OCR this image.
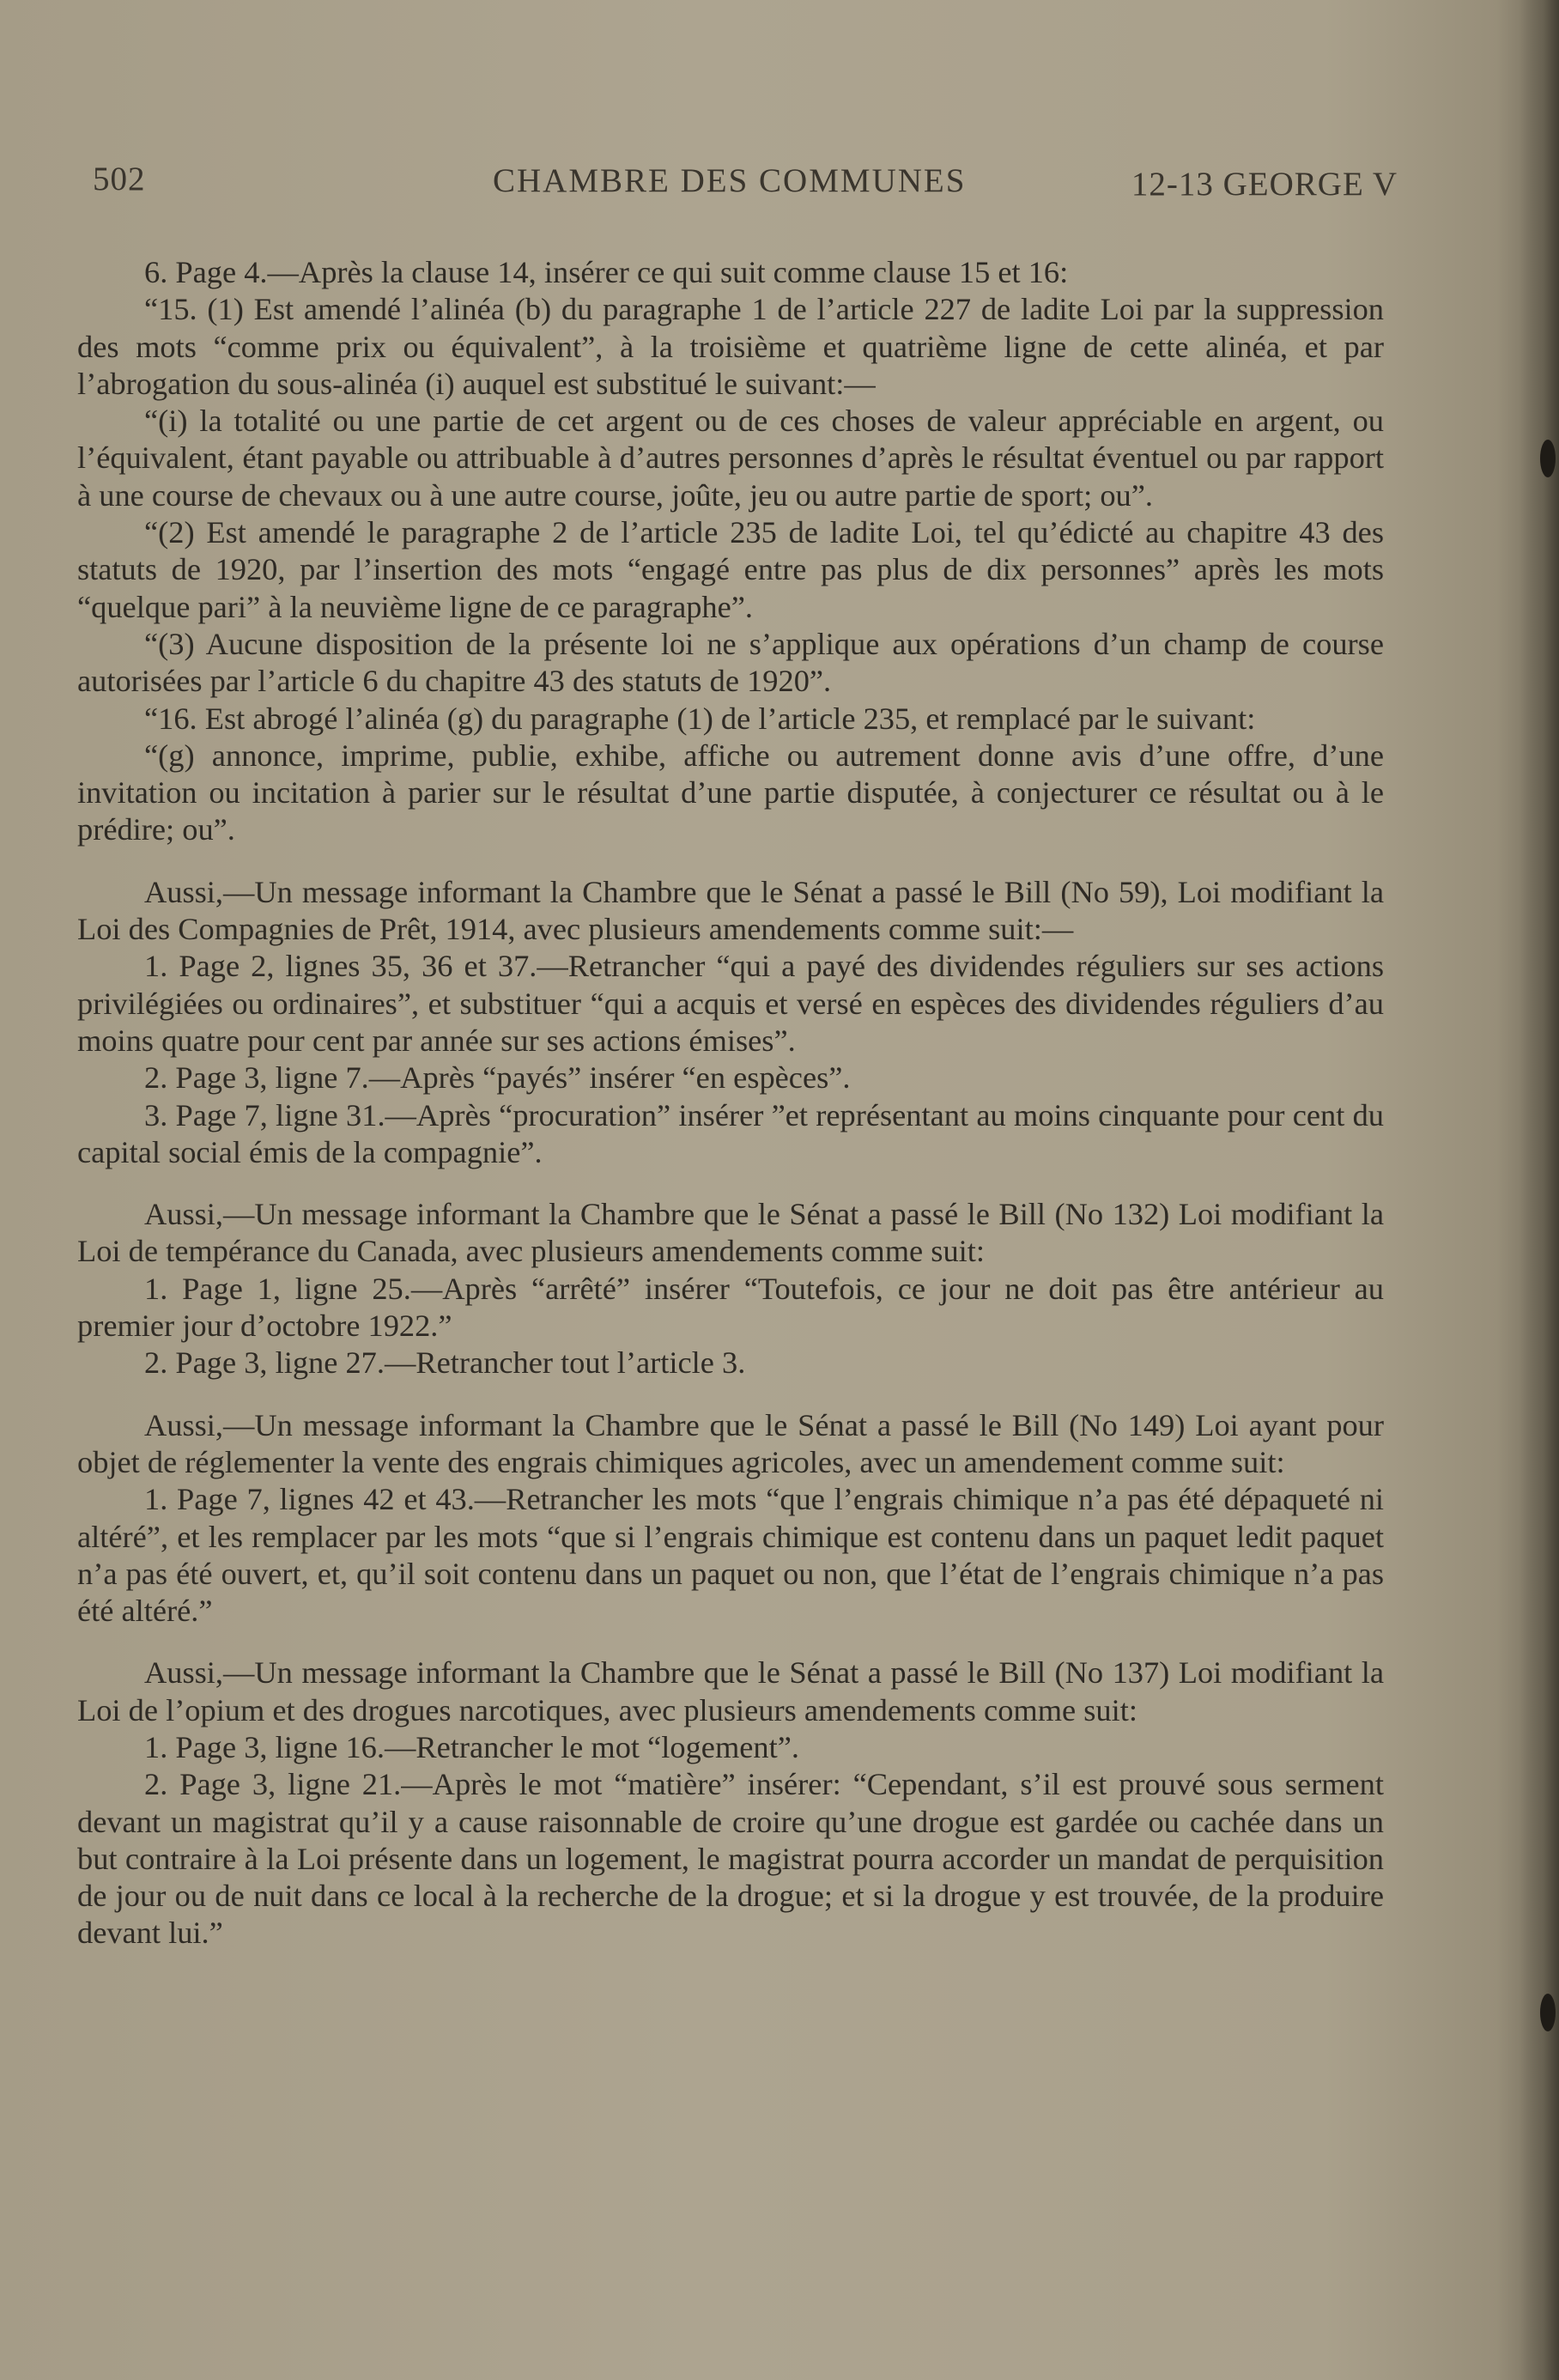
502	CHAMBRE DES COMMUNES	12-13 GEORGE V

6. Page 4.—Après la clause 14, insérer ce qui suit comme clause 15 et 16:

“15. (1) Est amendé l’alinéa (b) du paragraphe 1 de l’article 227 de ladite Loi par la suppression des mots “comme prix ou équivalent”, à la troisième et quatrième ligne de cette alinéa, et par l’abrogation du sous-alinéa (i) auquel est substitué le suivant:—

“(i) la totalité ou une partie de cet argent ou de ces choses de valeur appréciable en argent, ou l’équivalent, étant payable ou attribuable à d’autres personnes d’après le résultat éventuel ou par rapport à une course de chevaux ou à une autre course, joûte, jeu ou autre partie de sport; ou”.

“(2) Est amendé le paragraphe 2 de l’article 235 de ladite Loi, tel qu’édicté au chapitre 43 des statuts de 1920, par l’insertion des mots “engagé entre pas plus de dix personnes” après les mots “quelque pari” à la neuvième ligne de ce paragraphe”.

“(3) Aucune disposition de la présente loi ne s’applique aux opérations d’un champ de course autorisées par l’article 6 du chapitre 43 des statuts de 1920”.

“16. Est abrogé l’alinéa (g) du paragraphe (1) de l’article 235, et remplacé par le suivant:

“(g) annonce, imprime, publie, exhibe, affiche ou autrement donne avis d’une offre, d’une invitation ou incitation à parier sur le résultat d’une partie disputée, à conjecturer ce résultat ou à le prédire; ou”.

Aussi,—Un message informant la Chambre que le Sénat a passé le Bill (No 59), Loi modifiant la Loi des Compagnies de Prêt, 1914, avec plusieurs amendements comme suit:—

1. Page 2, lignes 35, 36 et 37.—Retrancher “qui a payé des dividendes réguliers sur ses actions privilégiées ou ordinaires”, et substituer “qui a acquis et versé en espèces des dividendes réguliers d’au moins quatre pour cent par année sur ses actions émises”.

2. Page 3, ligne 7.—Après “payés” insérer “en espèces”.

3. Page 7, ligne 31.—Après “procuration” insérer ”et représentant au moins cinquante pour cent du capital social émis de la compagnie”.

Aussi,—Un message informant la Chambre que le Sénat a passé le Bill (No 132) Loi modifiant la Loi de tempérance du Canada, avec plusieurs amendements comme suit:

1. Page 1, ligne 25.—Après “arrêté” insérer “Toutefois, ce jour ne doit pas être antérieur au premier jour d’octobre 1922.”

2. Page 3, ligne 27.—Retrancher tout l’article 3.

Aussi,—Un message informant la Chambre que le Sénat a passé le Bill (No 149) Loi ayant pour objet de réglementer la vente des engrais chimiques agricoles, avec un amendement comme suit:

1. Page 7, lignes 42 et 43.—Retrancher les mots “que l’engrais chimique n’a pas été dépaqueté ni altéré”, et les remplacer par les mots “que si l’engrais chimique est contenu dans un paquet ledit paquet n’a pas été ouvert, et, qu’il soit contenu dans un paquet ou non, que l’état de l’engrais chimique n’a pas été altéré.”

Aussi,—Un message informant la Chambre que le Sénat a passé le Bill (No 137) Loi modifiant la Loi de l’opium et des drogues narcotiques, avec plusieurs amendements comme suit:

1. Page 3, ligne 16.—Retrancher le mot “logement”.

2. Page 3, ligne 21.—Après le mot “matière” insérer: “Cependant, s’il est prouvé sous serment devant un magistrat qu’il y a cause raisonnable de croire qu’une drogue est gardée ou cachée dans un but contraire à la Loi présente dans un logement, le magistrat pourra accorder un mandat de perquisition de jour ou de nuit dans ce local à la recherche de la drogue; et si la drogue y est trouvée, de la produire devant lui.”
